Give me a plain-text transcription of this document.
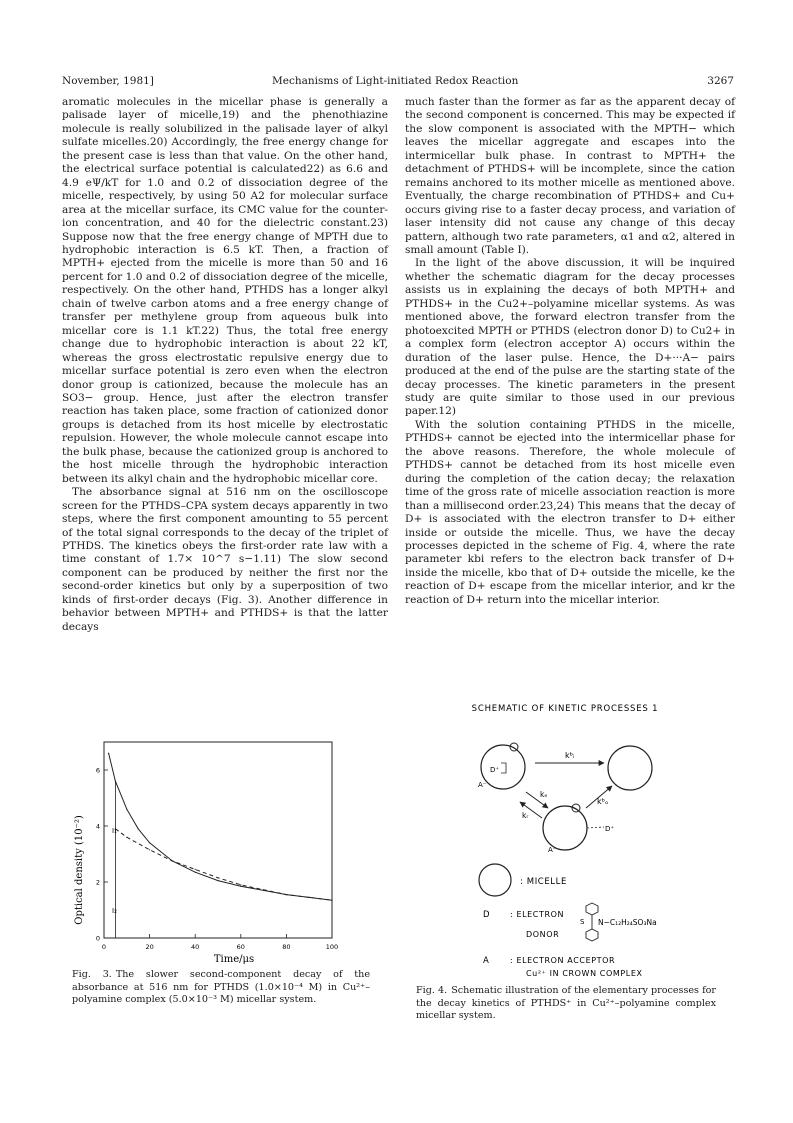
November, 1981]	Mechanisms of Light-initiated Redox Reaction	3267

aromatic molecules in the micellar phase is generally a palisade layer of micelle,19) and the phenothiazine molecule is really solubilized in the palisade layer of alkyl sulfate micelles.20) Accordingly, the free energy change for the present case is less than that value. On the other hand, the electrical surface potential is calculated22) as 6.6 and 4.9 eΨ/kT for 1.0 and 0.2 of dissociation degree of the micelle, respectively, by using 50 A2 for molecular surface area at the micellar surface, its CMC value for the counter-ion concentration, and 40 for the dielectric constant.23) Suppose now that the free energy change of MPTH due to hydrophobic interaction is 6.5 kT. Then, a fraction of MPTH+ ejected from the micelle is more than 50 and 16 percent for 1.0 and 0.2 of dissociation degree of the micelle, respectively. On the other hand, PTHDS has a longer alkyl chain of twelve carbon atoms and a free energy change of transfer per methylene group from aqueous bulk into micellar core is 1.1 kT.22) Thus, the total free energy change due to hydrophobic interaction is about 22 kT, whereas the gross electrostatic repulsive energy due to micellar surface potential is zero even when the electron donor group is cationized, because the molecule has an SO3− group. Hence, just after the electron transfer reaction has taken place, some fraction of cationized donor groups is detached from its host micelle by electrostatic repulsion. However, the whole molecule cannot escape into the bulk phase, because the cationized group is anchored to the host micelle through the hydrophobic interaction between its alkyl chain and the hydrophobic micellar core.

The absorbance signal at 516 nm on the oscilloscope screen for the PTHDS–CPA system decays apparently in two steps, where the first component amounting to 55 percent of the total signal corresponds to the decay of the triplet of PTHDS. The kinetics obeys the first-order rate law with a time constant of 1.7× 10^7 s−1.11) The slow second component can be produced by neither the first nor the second-order kinetics but only by a superposition of two kinds of first-order decays (Fig. 3). Another difference in behavior between MPTH+ and PTHDS+ is that the latter decays

much faster than the former as far as the apparent decay of the second component is concerned. This may be expected if the slow component is associated with the MPTH− which leaves the micellar aggregate and escapes into the intermicellar bulk phase. In contrast to MPTH+ the detachment of PTHDS+ will be incomplete, since the cation remains anchored to its mother micelle as mentioned above. Eventually, the charge recombination of PTHDS+ and Cu+ occurs giving rise to a faster decay process, and variation of laser intensity did not cause any change of this decay pattern, although two rate parameters, α1 and α2, altered in small amount (Table I).

In the light of the above discussion, it will be inquired whether the schematic diagram for the decay processes assists us in explaining the decays of both MPTH+ and PTHDS+ in the Cu2+–polyamine micellar systems. As was mentioned above, the forward electron transfer from the photoexcited MPTH or PTHDS (electron donor D) to Cu2+ in a complex form (electron acceptor A) occurs within the duration of the laser pulse. Hence, the D+···A− pairs produced at the end of the pulse are the starting state of the decay processes. The kinetic parameters in the present study are quite similar to those used in our previous paper.12)

With the solution containing PTHDS in the micelle, PTHDS+ cannot be ejected into the intermicellar phase for the above reasons. Therefore, the whole molecule of PTHDS+ cannot be detached from its host micelle even during the completion of the cation decay; the relaxation time of the gross rate of micelle association reaction is more than a millisecond order.23,24) This means that the decay of D+ is associated with the electron transfer to D+ either inside or outside the micelle. Thus, we have the decay processes depicted in the scheme of Fig. 4, where the rate parameter kbi refers to the electron back transfer of D+ inside the micelle, kbo that of D+ outside the micelle, ke the reaction of D+ escape from the micellar interior, and kr the reaction of D+ return into the micellar interior.

0	20	40	60	80	100
0
2
4
6
Optical density (10⁻²)
Time/μs
I₁
I₂
Fig. 3. The slower second-component decay of the absorbance at 516 nm for PTHDS (1.0×10⁻⁴ M) in Cu²⁺–polyamine complex (5.0×10⁻³ M) micellar system.
SCHEMATIC OF KINETIC PROCESSES 1
D⁺
A⁻
kᵇᵢ
A⁻
D⁺
kₑ
kᵣ
kᵇₒ
: MICELLE
D	: ELECTRON
DONOR
S N−C₁₂H₂₄SO₃Na
A	: ELECTRON ACCEPTOR
Cu²⁺ IN CROWN COMPLEX
Fig. 4. Schematic illustration of the elementary processes for the decay kinetics of PTHDS⁺ in Cu²⁺–polyamine complex micellar system.
